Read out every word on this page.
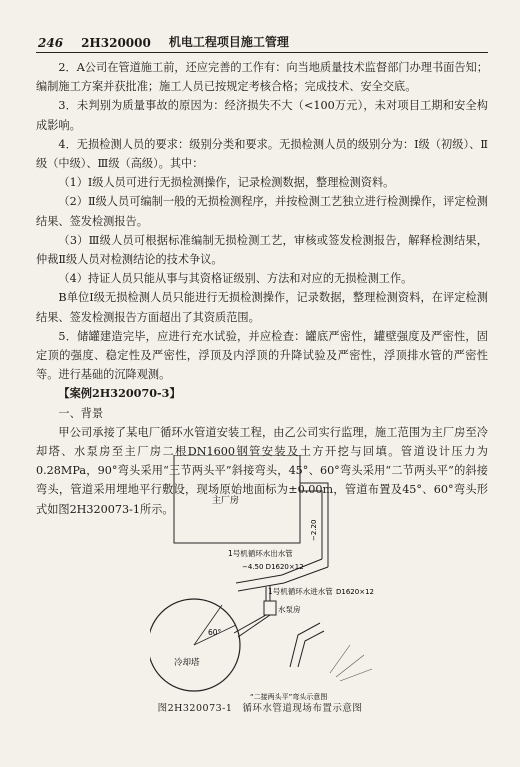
246 2H320000 机电工程项目施工管理

2．A公司在管道施工前，还应完善的工作有：向当地质量技术监督部门办理书面告知；编制施工方案并获批准；施工人员已按规定考核合格；完成技术、安全交底。

3．未判别为质量事故的原因为：经济损失不大（<100万元），未对项目工期和安全构成影响。

4．无损检测人员的要求：级别分类和要求。无损检测人员的级别分为：Ⅰ级（初级）、Ⅱ级（中级）、Ⅲ级（高级）。其中：

（1）Ⅰ级人员可进行无损检测操作，记录检测数据，整理检测资料。

（2）Ⅱ级人员可编制一般的无损检测程序，并按检测工艺独立进行检测操作，评定检测结果、签发检测报告。

（3）Ⅲ级人员可根据标准编制无损检测工艺，审核或签发检测报告，解释检测结果，仲裁Ⅱ级人员对检测结论的技术争议。

（4）持证人员只能从事与其资格证级别、方法和对应的无损检测工作。

B单位Ⅰ级无损检测人员只能进行无损检测操作，记录数据，整理检测资料，在评定检测结果、签发检测报告方面超出了其资质范围。

5．储罐建造完毕，应进行充水试验，并应检查：罐底严密性，罐壁强度及严密性，固定顶的强度、稳定性及严密性，浮顶及内浮顶的升降试验及严密性，浮顶排水管的严密性等。进行基础的沉降观测。

【案例2H320070-3】

一、背景

甲公司承接了某电厂循环水管道安装工程，由乙公司实行监理，施工范围为主厂房至冷却塔、水泵房至主厂房二根DN1600钢管安装及土方开挖与回填。管道设计压力为0.28MPa，90°弯头采用“三节两头平”斜接弯头，45°、60°弯头采用“二节两头平”的斜接弯头，管道采用埋地平行敷设，现场原始地面标为±0.00m，管道布置及45°、60°弯头形式如图2H320073-1所示。

主厂房
−2.20
1号机循环水出水管
−4.50 D1620×12
1号机循环水进水管 D1620×12
水泵房
60°
冷却塔
“二接两头平”弯头示意图
图2H320073-1　循环水管道现场布置示意图
